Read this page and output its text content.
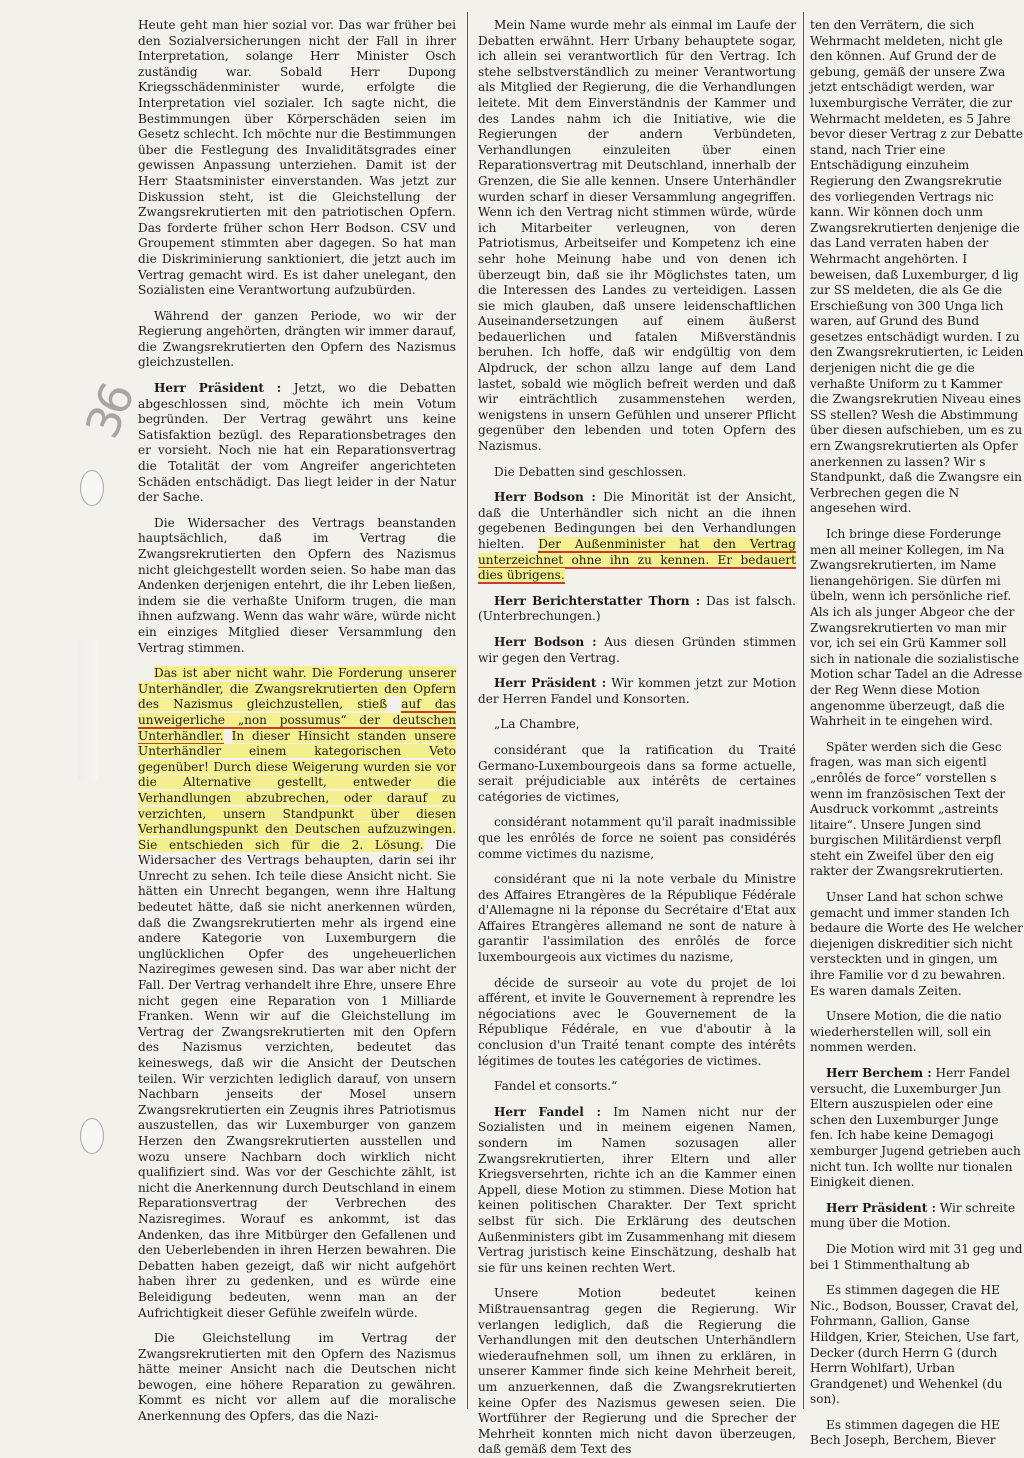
36

Heute geht man hier sozial vor. Das war früher bei den Sozialversicherungen nicht der Fall in ihrer Interpretation, solange Herr Minister Osch zuständig war. Sobald Herr Dupong Kriegsschädenminister wurde, erfolgte die Interpretation viel sozialer. Ich sagte nicht, die Bestimmungen über Körperschäden seien im Gesetz schlecht. Ich möchte nur die Bestimmungen über die Festlegung des Invaliditätsgrades einer gewissen Anpassung unterziehen. Damit ist der Herr Staatsminister einverstanden. Was jetzt zur Diskussion steht, ist die Gleichstellung der Zwangsrekrutierten mit den patriotischen Opfern. Das forderte früher schon Herr Bodson. CSV und Groupement stimmten aber dagegen. So hat man die Diskriminierung sanktioniert, die jetzt auch im Vertrag gemacht wird. Es ist daher unelegant, den Sozialisten eine Verantwortung aufzubürden.

Während der ganzen Periode, wo wir der Regierung angehörten, drängten wir immer darauf, die Zwangsrekrutierten den Opfern des Nazismus gleichzustellen.

Herr Präsident : Jetzt, wo die Debatten abgeschlossen sind, möchte ich mein Votum begründen. Der Vertrag gewährt uns keine Satisfaktion bezügl. des Reparationsbetrages den er vorsieht. Noch nie hat ein Reparationsvertrag die Totalität der vom Angreifer angerichteten Schäden entschädigt. Das liegt leider in der Natur der Sache.

Die Widersacher des Vertrags beanstanden hauptsächlich, daß im Vertrag die Zwangsrekrutierten den Opfern des Nazismus nicht gleichgestellt worden seien. So habe man das Andenken derjenigen entehrt, die ihr Leben ließen, indem sie die verhaßte Uniform trugen, die man ihnen aufzwang. Wenn das wahr wäre, würde nicht ein einziges Mitglied dieser Versammlung den Vertrag stimmen.

Das ist aber nicht wahr. Die Forderung unserer Unterhändler, die Zwangsrekrutierten den Opfern des Nazismus gleichzustellen, stieß auf das unweigerliche „non possumus“ der deutschen Unterhändler. In dieser Hinsicht standen unsere Unterhändler einem kategorischen Veto gegenüber! Durch diese Weigerung wurden sie vor die Alternative gestellt, entweder die Verhandlungen abzubrechen, oder darauf zu verzichten, unsern Standpunkt über diesen Verhandlungspunkt den Deutschen aufzuzwingen. Sie entschieden sich für die 2. Lösung. Die Widersacher des Vertrags behaupten, darin sei ihr Unrecht zu sehen. Ich teile diese Ansicht nicht. Sie hätten ein Unrecht begangen, wenn ihre Haltung bedeutet hätte, daß sie nicht anerkennen würden, daß die Zwangsrekrutierten mehr als irgend eine andere Kategorie von Luxemburgern die unglücklichen Opfer des ungeheuerlichen Naziregimes gewesen sind. Das war aber nicht der Fall. Der Vertrag verhandelt ihre Ehre, unsere Ehre nicht gegen eine Reparation von 1 Milliarde Franken. Wenn wir auf die Gleichstellung im Vertrag der Zwangsrekrutierten mit den Opfern des Nazismus verzichten, bedeutet das keineswegs, daß wir die Ansicht der Deutschen teilen. Wir verzichten lediglich darauf, von unsern Nachbarn jenseits der Mosel unsern Zwangsrekrutierten ein Zeugnis ihres Patriotismus auszustellen, das wir Luxemburger von ganzem Herzen den Zwangsrekrutierten ausstellen und wozu unsere Nachbarn doch wirklich nicht qualifiziert sind. Was vor der Geschichte zählt, ist nicht die Anerkennung durch Deutschland in einem Reparationsvertrag der Verbrechen des Nazisregimes. Worauf es ankommt, ist das Andenken, das ihre Mitbürger den Gefallenen und den Ueberlebenden in ihren Herzen bewahren. Die Debatten haben gezeigt, daß wir nicht aufgehört haben ihrer zu gedenken, und es würde eine Beleidigung bedeuten, wenn man an der Aufrichtigkeit dieser Gefühle zweifeln würde.

Die Gleichstellung im Vertrag der Zwangsrekrutierten mit den Opfern des Nazismus hätte meiner Ansicht nach die Deutschen nicht bewogen, eine höhere Reparation zu gewähren. Kommt es nicht vor allem auf die moralische Anerkennung des Opfers, das die Nazi-

Mein Name wurde mehr als einmal im Laufe der Debatten erwähnt. Herr Urbany behauptete sogar, ich allein sei verantwortlich für den Vertrag. Ich stehe selbstverständlich zu meiner Verantwortung als Mitglied der Regierung, die die Verhandlungen leitete. Mit dem Einverständnis der Kammer und des Landes nahm ich die Initiative, wie die Regierungen der andern Verbündeten, Verhandlungen einzuleiten über einen Reparationsvertrag mit Deutschland, innerhalb der Grenzen, die Sie alle kennen. Unsere Unterhändler wurden scharf in dieser Versammlung angegriffen. Wenn ich den Vertrag nicht stimmen würde, würde ich Mitarbeiter verleugnen, von deren Patriotismus, Arbeitseifer und Kompetenz ich eine sehr hohe Meinung habe und von denen ich überzeugt bin, daß sie ihr Möglichstes taten, um die Interessen des Landes zu verteidigen. Lassen sie mich glauben, daß unsere leidenschaftlichen Auseinandersetzungen auf einem äußerst bedauerlichen und fatalen Mißverständnis beruhen. Ich hoffe, daß wir endgültig von dem Alpdruck, der schon allzu lange auf dem Land lastet, sobald wie möglich befreit werden und daß wir einträchtlich zusammenstehen werden, wenigstens in unsern Gefühlen und unserer Pflicht gegenüber den lebenden und toten Opfern des Nazismus.

Die Debatten sind geschlossen.

Herr Bodson : Die Minorität ist der Ansicht, daß die Unterhändler sich nicht an die ihnen gegebenen Bedingungen bei den Verhandlungen hielten. Der Außenminister hat den Vertrag unterzeichnet ohne ihn zu kennen. Er bedauert dies übrigens.

Herr Berichterstatter Thorn : Das ist falsch. (Unterbrechungen.)

Herr Bodson : Aus diesen Gründen stimmen wir gegen den Vertrag.

Herr Präsident : Wir kommen jetzt zur Motion der Herren Fandel und Konsorten.

„La Chambre,

considérant que la ratification du Traité Germano-Luxembourgeois dans sa forme actuelle, serait préjudiciable aux intérêts de certaines catégories de victimes,

considérant notamment qu'il paraît inadmissible que les enrôlés de force ne soient pas considérés comme victimes du nazisme,

considérant que ni la note verbale du Ministre des Affaires Etrangères de la République Fédérale d'Allemagne ni la réponse du Secrétaire d'Etat aux Affaires Etrangères allemand ne sont de nature à garantir l'assimilation des enrôlés de force luxembourgeois aux victimes du nazisme,

décide de surseoir au vote du projet de loi afférent, et invite le Gouvernement à reprendre les négociations avec le Gouvernement de la République Fédérale, en vue d'aboutir à la conclusion d'un Traité tenant compte des intérêts légitimes de toutes les catégories de victimes.

Fandel et consorts.“

Herr Fandel : Im Namen nicht nur der Sozialisten und in meinem eigenen Namen, sondern im Namen sozusagen aller Zwangsrekrutierten, ihrer Eltern und aller Kriegsversehrten, richte ich an die Kammer einen Appell, diese Motion zu stimmen. Diese Motion hat keinen politischen Charakter. Der Text spricht selbst für sich. Die Erklärung des deutschen Außenministers gibt im Zusammenhang mit diesem Vertrag juristisch keine Einschätzung, deshalb hat sie für uns keinen rechten Wert.

Unsere Motion bedeutet keinen Mißtrauensantrag gegen die Regierung. Wir verlangen lediglich, daß die Regierung die Verhandlungen mit den deutschen Unterhändlern wiederaufnehmen soll, um ihnen zu erklären, in unserer Kammer finde sich keine Mehrheit bereit, um anzuerkennen, daß die Zwangsrekrutierten keine Opfer des Nazismus gewesen seien. Die Wortführer der Regierung und die Sprecher der Mehrheit konnten mich nicht davon überzeugen, daß gemäß dem Text des

ten den Verrätern, die sich Wehrmacht meldeten, nicht gle den können. Auf Grund der de gebung, gemäß der unsere Zwa jetzt entschädigt werden, war luxemburgische Verräter, die zur Wehrmacht meldeten, es 5 Jahre bevor dieser Vertrag z zur Debatte stand, nach Trier eine Entschädigung einzuheim Regierung den Zwangsrekrutie des vorliegenden Vertrags nic kann. Wir können doch unm Zwangsrekrutierten denjenige die das Land verraten haben der Wehrmacht angehörten. I beweisen, daß Luxemburger, d lig zur SS meldeten, die als Ge die Erschießung von 300 Unga lich waren, auf Grund des Bund gesetzes entschädigt wurden. I zu den Zwangsrekrutierten, ic Leiden derjenigen nicht die ge die verhaßte Uniform zu t Kammer die Zwangsrekrutien Niveau eines SS stellen? Wesh die Abstimmung über diesen aufschieben, um es zu ern Zwangsrekrutierten als Opfer anerkennen zu lassen? Wir s Standpunkt, daß die Zwangsre ein Verbrechen gegen die N angesehen wird.

Ich bringe diese Forderunge men all meiner Kollegen, im Na Zwangsrekrutierten, im Name lienangehörigen. Sie dürfen mi übeln, wenn ich persönliche rief. Als ich als junger Abgeor che der Zwangsrekrutierten vo man mir vor, ich sei ein Grü Kammer soll sich in nationale die sozialistische Motion schar Tadel an die Adresse der Reg Wenn diese Motion angenomme überzeugt, daß die Wahrheit in te eingehen wird.

Später werden sich die Gesc fragen, was man sich eigentl „enrôlés de force“ vorstellen s wenn im französischen Text der Ausdruck vorkommt „astreints litaire“. Unsere Jungen sind burgischen Militärdienst verpfl steht ein Zweifel über den eig rakter der Zwangsrekrutierten.

Unser Land hat schon schwe gemacht und immer standen Ich bedaure die Worte des He welcher diejenigen diskreditier sich nicht versteckten und in gingen, um ihre Familie vor d zu bewahren. Es waren damals Zeiten.

Unsere Motion, die die natio wiederherstellen will, soll ein nommen werden.

Herr Berchem : Herr Fandel versucht, die Luxemburger Jun Eltern auszuspielen oder eine schen den Luxemburger Junge fen. Ich habe keine Demagogi xemburger Jugend getrieben auch nicht tun. Ich wollte nur tionalen Einigkeit dienen.

Herr Präsident : Wir schreite mung über die Motion.

Die Motion wird mit 31 geg und bei 1 Stimmenthaltung ab

Es stimmen dagegen die HE Nic., Bodson, Bousser, Cravat del, Fohrmann, Gallion, Ganse Hildgen, Krier, Steichen, Use fart, Decker (durch Herrn G (durch Herrn Wohlfart), Urban Grandgenet) und Wehenkel (du son).

Es stimmen dagegen die HE Bech Joseph, Berchem, Biever
